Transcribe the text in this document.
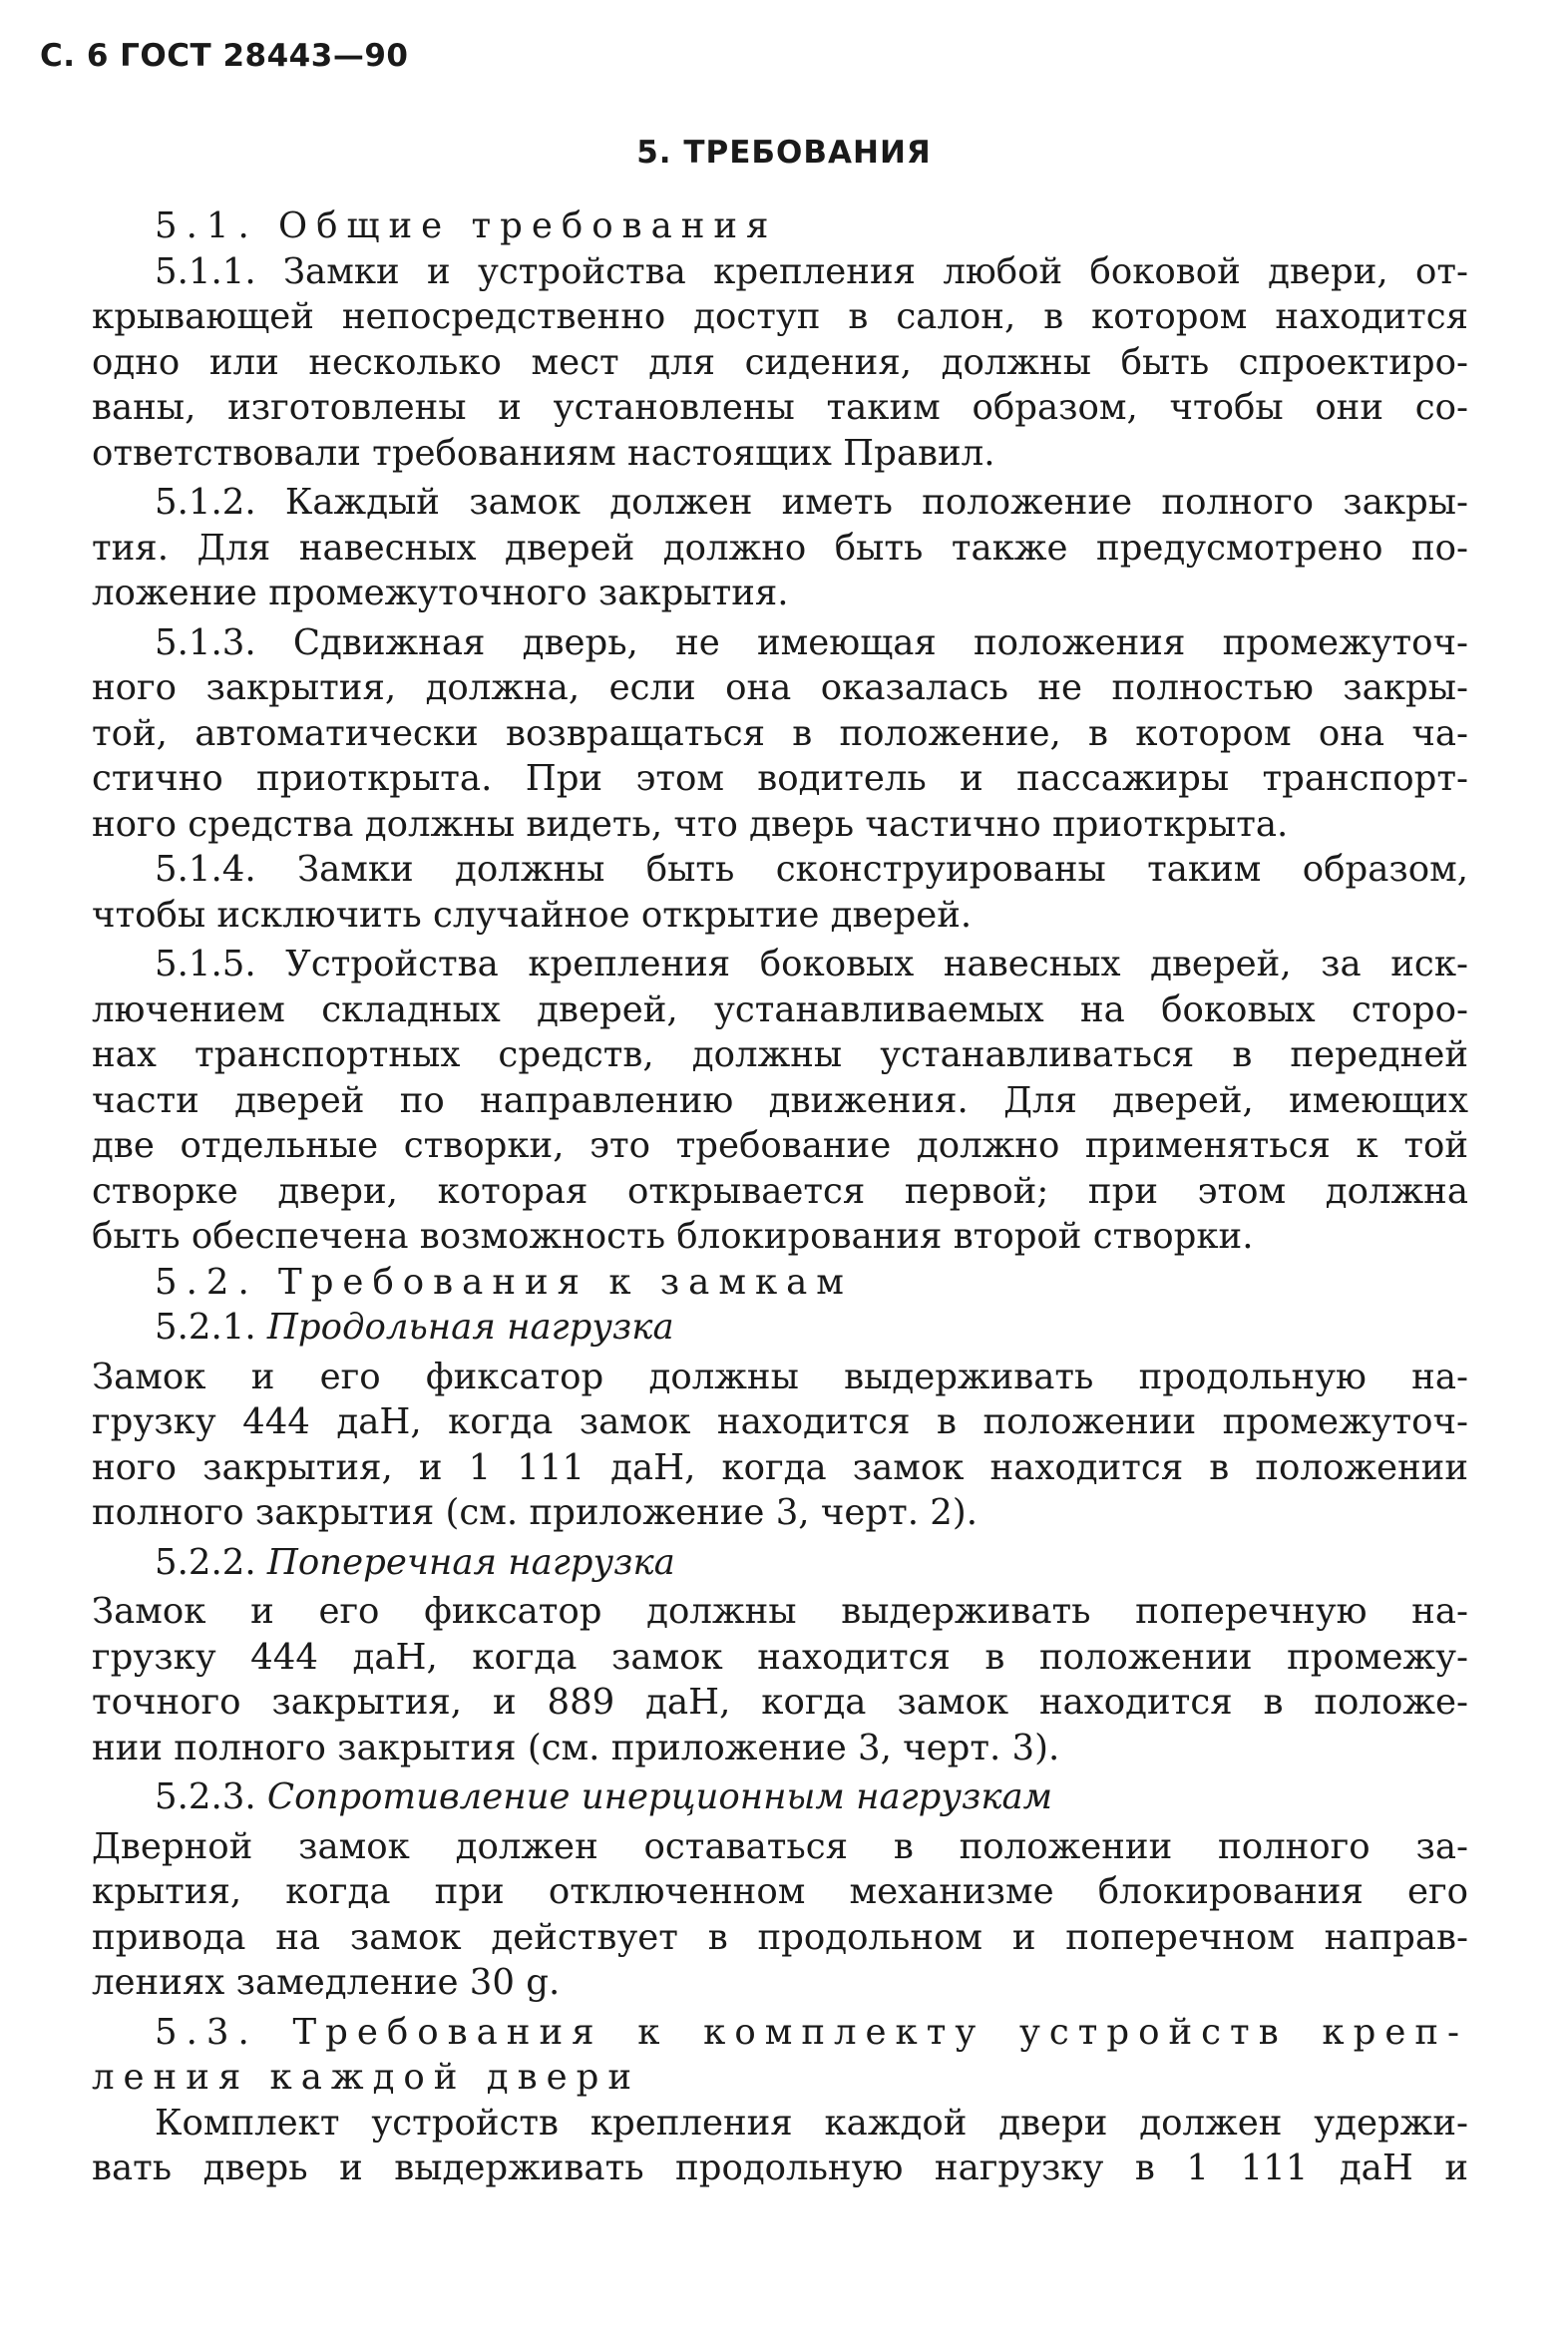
С. 6 ГОСТ 28443—90
5. ТРЕБОВАНИЯ
5.1. Общие требования
5.1.1. Замки и устройства крепления любой боковой двери, от-
крывающей непосредственно доступ в салон, в котором находится
одно или несколько мест для сидения, должны быть спроектиро-
ваны, изготовлены и установлены таким образом, чтобы они со-
ответствовали требованиям настоящих Правил.
5.1.2. Каждый замок должен иметь положение полного закры-
тия. Для навесных дверей должно быть также предусмотрено по-
ложение промежуточного закрытия.
5.1.3. Сдвижная дверь, не имеющая положения промежуточ-
ного закрытия, должна, если она оказалась не полностью закры-
той, автоматически возвращаться в положение, в котором она ча-
стично приоткрыта. При этом водитель и пассажиры транспорт-
ного средства должны видеть, что дверь частично приоткрыта.
5.1.4. Замки должны быть сконструированы таким образом,
чтобы исключить случайное открытие дверей.
5.1.5. Устройства крепления боковых навесных дверей, за иск-
лючением складных дверей, устанавливаемых на боковых сторо-
нах транспортных средств, должны устанавливаться в передней
части дверей по направлению движения. Для дверей, имеющих
две отдельные створки, это требование должно применяться к той
створке двери, которая открывается первой; при этом должна
быть обеспечена возможность блокирования второй створки.
5.2. Требования к замкам
5.2.1. Продольная нагрузка
Замок и его фиксатор должны выдерживать продольную на-
грузку 444 даН, когда замок находится в положении промежуточ-
ного закрытия, и 1 111 даН, когда замок находится в положении
полного закрытия (см. приложение 3, черт. 2).
5.2.2. Поперечная нагрузка
Замок и его фиксатор должны выдерживать поперечную на-
грузку 444 даН, когда замок находится в положении промежу-
точного закрытия, и 889 даН, когда замок находится в положе-
нии полного закрытия (см. приложение 3, черт. 3).
5.2.3. Сопротивление инерционным нагрузкам
Дверной замок должен оставаться в положении полного за-
крытия, когда при отключенном механизме блокирования его
привода на замок действует в продольном и поперечном направ-
лениях замедление 30 g.
5.3. Требования к комплекту устройств креп-
ления каждой двери
Комплект устройств крепления каждой двери должен удержи-
вать дверь и выдерживать продольную нагрузку в 1 111 даН и
